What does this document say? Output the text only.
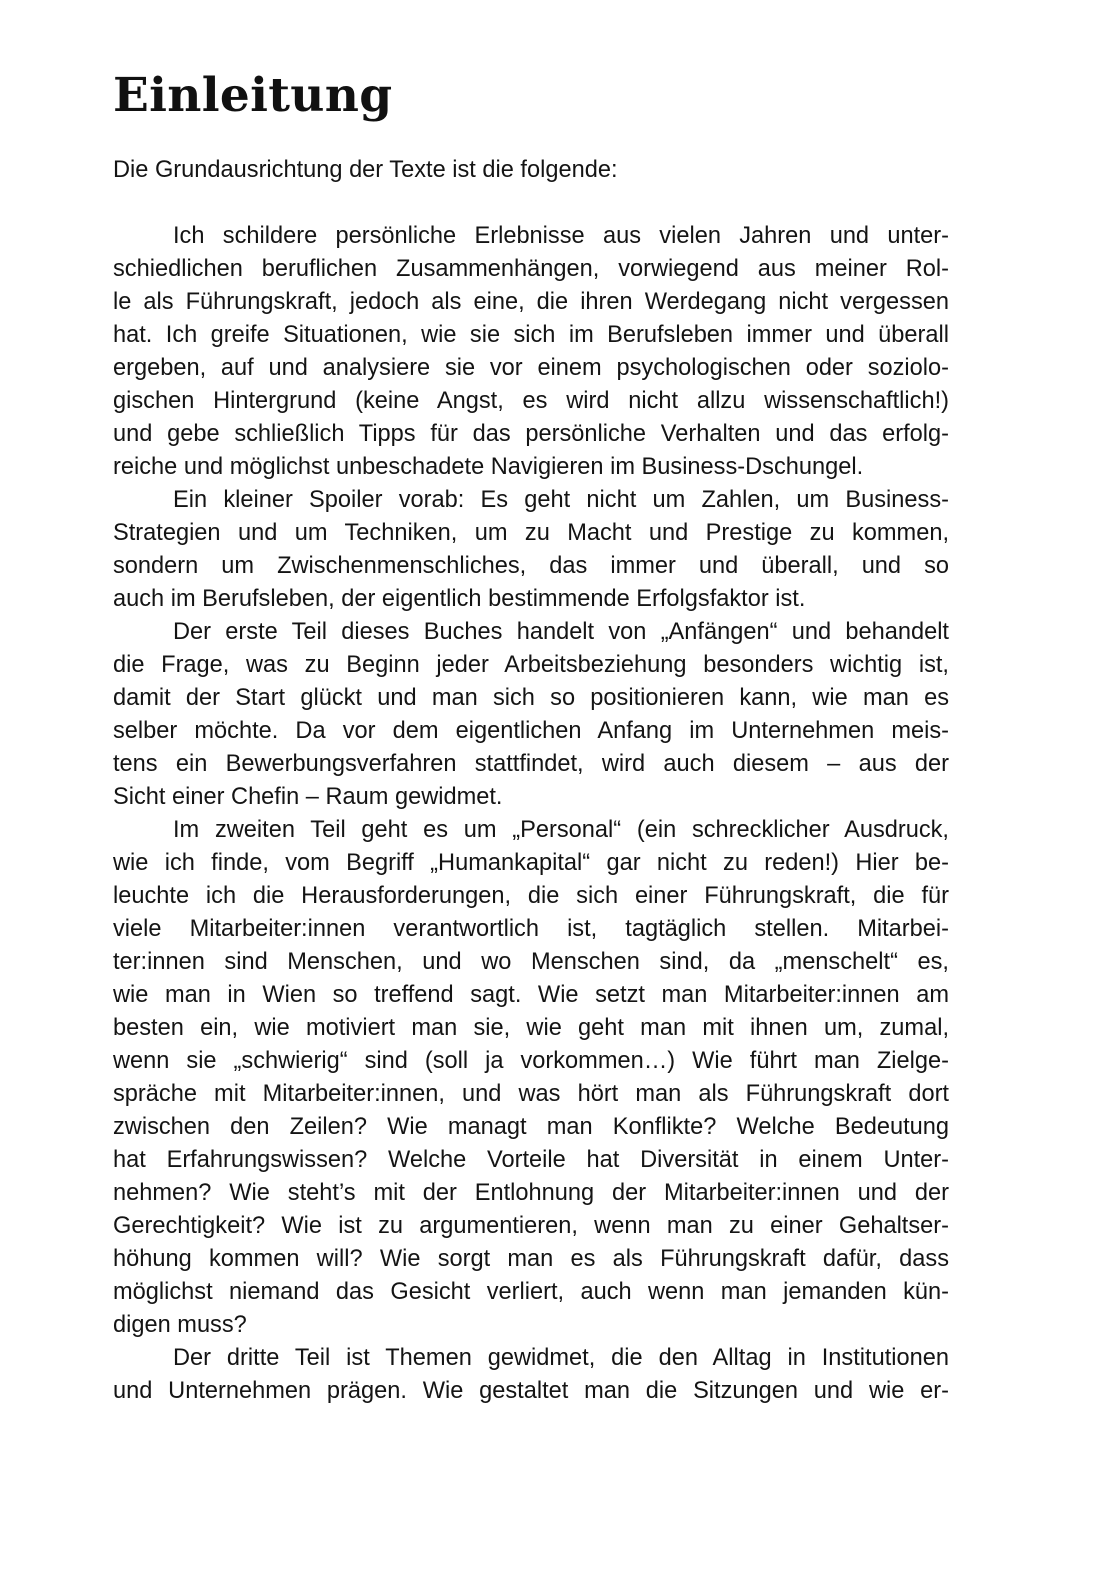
Einleitung

Die Grundausrichtung der Texte ist die folgende:

Ich schildere persönliche Erlebnisse aus vielen Jahren und unter-
schiedlichen beruflichen Zusammenhängen, vorwiegend aus meiner Rol-
le als Führungskraft, jedoch als eine, die ihren Werdegang nicht vergessen
hat. Ich greife Situationen, wie sie sich im Berufsleben immer und überall
ergeben, auf und analysiere sie vor einem psychologischen oder soziolo-
gischen Hintergrund (keine Angst, es wird nicht allzu wissenschaftlich!)
und gebe schließlich Tipps für das persönliche Verhalten und das erfolg-
reiche und möglichst unbeschadete Navigieren im Business-Dschungel.
Ein kleiner Spoiler vorab: Es geht nicht um Zahlen, um Business-
Strategien und um Techniken, um zu Macht und Prestige zu kommen,
sondern um Zwischenmenschliches, das immer und überall, und so
auch im Berufsleben, der eigentlich bestimmende Erfolgsfaktor ist.
Der erste Teil dieses Buches handelt von „Anfängen“ und behandelt
die Frage, was zu Beginn jeder Arbeitsbeziehung besonders wichtig ist,
damit der Start glückt und man sich so positionieren kann, wie man es
selber möchte. Da vor dem eigentlichen Anfang im Unternehmen meis-
tens ein Bewerbungsverfahren stattfindet, wird auch diesem – aus der
Sicht einer Chefin – Raum gewidmet.
Im zweiten Teil geht es um „Personal“ (ein schrecklicher Ausdruck,
wie ich finde, vom Begriff „Humankapital“ gar nicht zu reden!) Hier be-
leuchte ich die Herausforderungen, die sich einer Führungskraft, die für
viele Mitarbeiter:innen verantwortlich ist, tagtäglich stellen. Mitarbei-
ter:innen sind Menschen, und wo Menschen sind, da „menschelt“ es,
wie man in Wien so treffend sagt. Wie setzt man Mitarbeiter:innen am
besten ein, wie motiviert man sie, wie geht man mit ihnen um, zumal,
wenn sie „schwierig“ sind (soll ja vorkommen…) Wie führt man Zielge-
spräche mit Mitarbeiter:innen, und was hört man als Führungskraft dort
zwischen den Zeilen? Wie managt man Konflikte? Welche Bedeutung
hat Erfahrungswissen? Welche Vorteile hat Diversität in einem Unter-
nehmen? Wie steht’s mit der Entlohnung der Mitarbeiter:innen und der
Gerechtigkeit? Wie ist zu argumentieren, wenn man zu einer Gehaltser-
höhung kommen will? Wie sorgt man es als Führungskraft dafür, dass
möglichst niemand das Gesicht verliert, auch wenn man jemanden kün-
digen muss?
Der dritte Teil ist Themen gewidmet, die den Alltag in Institutionen
und Unternehmen prägen. Wie gestaltet man die Sitzungen und wie er-
